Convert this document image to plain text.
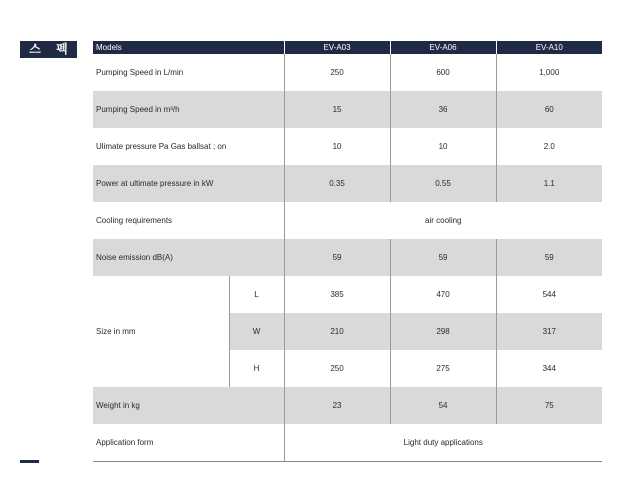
스 펙	Models		EV-A03	EV-A06	EV-A10
Pumping Speed in L/min		250	600	1,000
Pumping Speed in m³/h		15	36	60
Ulimate pressure Pa Gas ballsat ; on		10	10	2.0
Power at ultimate pressure in kW		0.35	0.55	1.1
Cooling requirements		air cooling		
Noise emission dB(A)		59	59	59
Size in mm	L	385	470	544
	W	210	298	317
	H	250	275	344
Weight in kg		23	54	75
Application form		Light duty applications		
